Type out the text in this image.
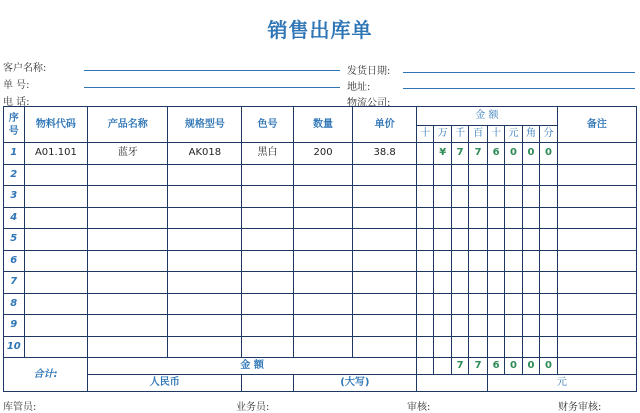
销售出库单
客户名称:
单 号:
电 话:
发货日期:
地址:
物流公司:
序号	物料代码	产品名称	规格型号	色号	数量	单价	金 额								备注
							十	万	千	百	十	元	角	分	
1	A01.101	蓝牙	AK018	黑白	200	38.8		¥	7	7	6	0	0	0	
2															
3															
4															
5															
6															
7															
8															
9															
10															
合计:		金 额							7	7	6	0	0	0	
		人民币			(大写)						元				
库管员:	业务员:	审核:	财务审核:
